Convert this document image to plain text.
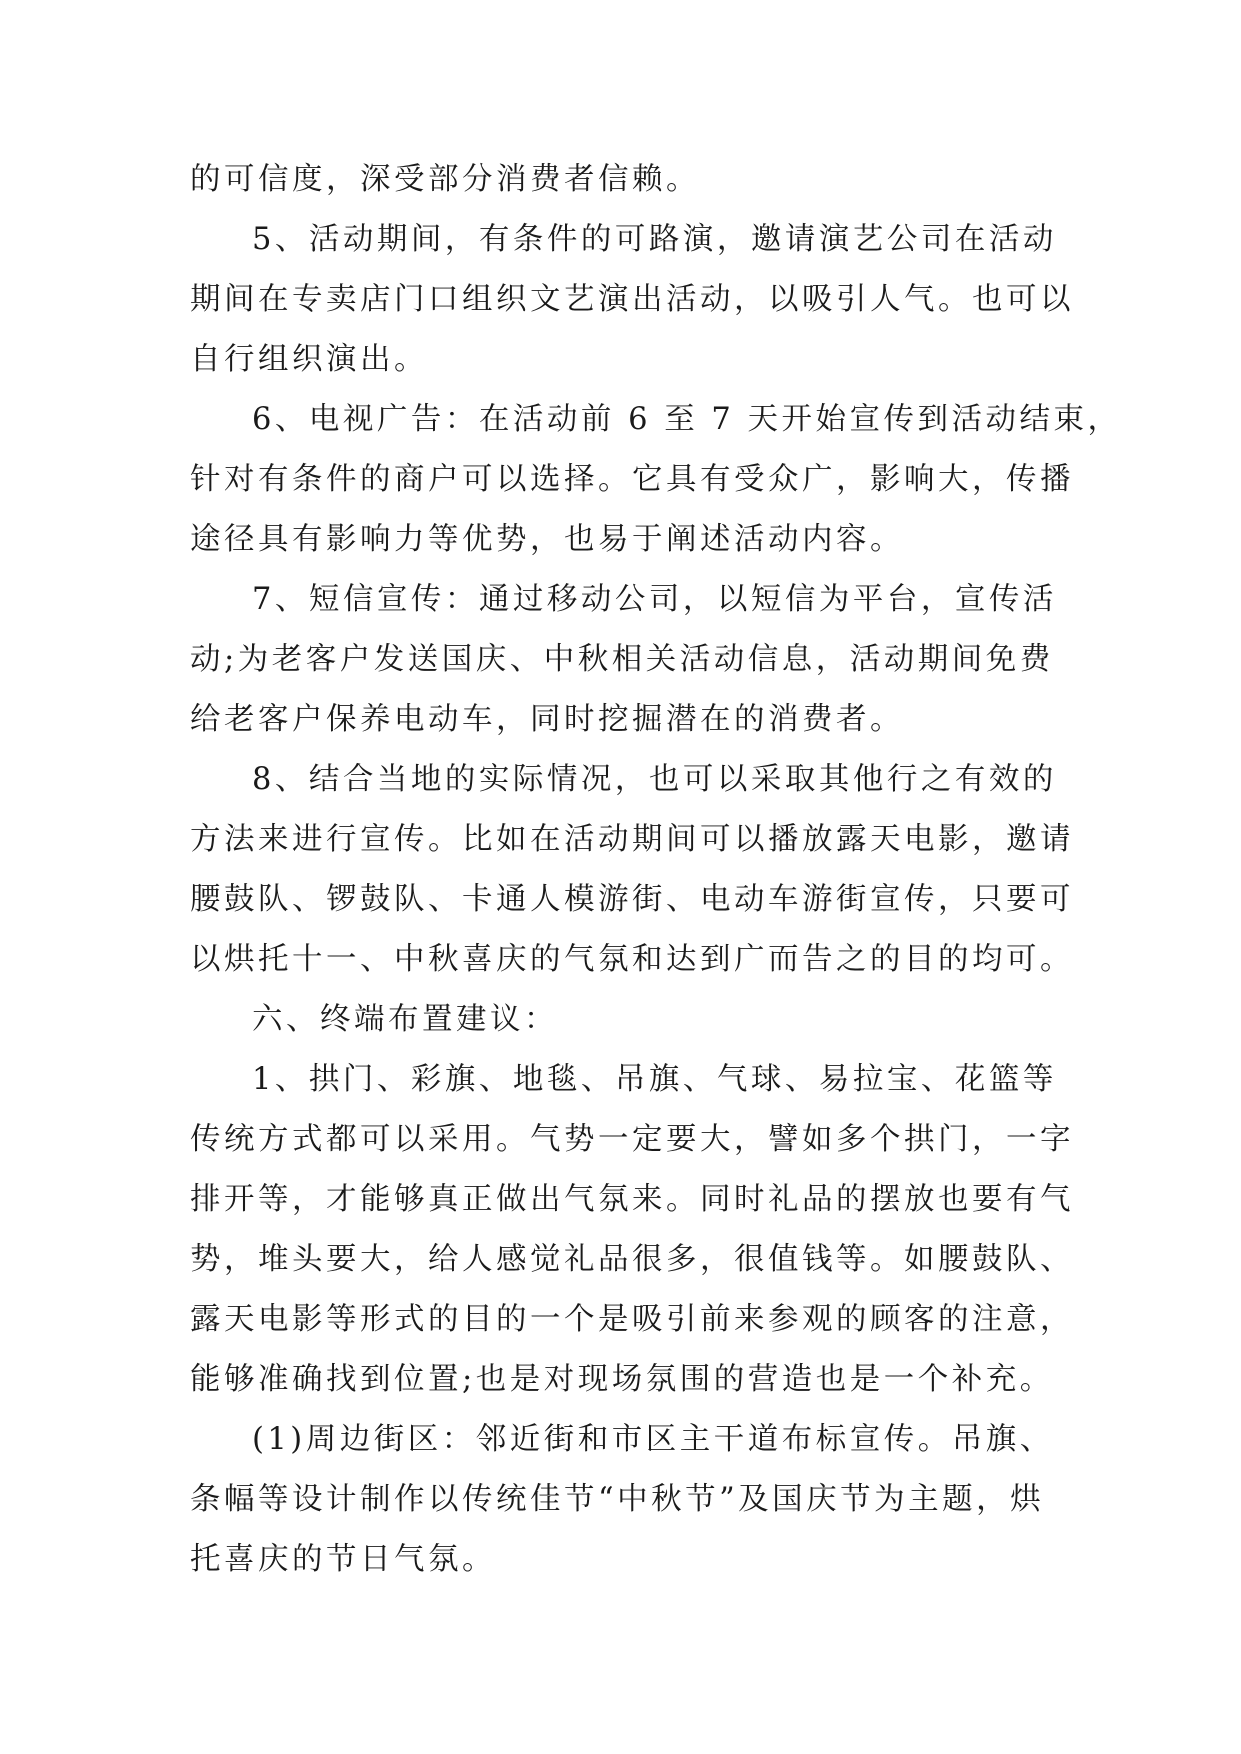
的可信度，深受部分消费者信赖。
5、活动期间，有条件的可路演，邀请演艺公司在活动
期间在专卖店门口组织文艺演出活动，以吸引人气。也可以
自行组织演出。
6、电视广告：在活动前 6 至 7 天开始宣传到活动结束，
针对有条件的商户可以选择。它具有受众广，影响大，传播
途径具有影响力等优势，也易于阐述活动内容。
7、短信宣传：通过移动公司，以短信为平台，宣传活
动;为老客户发送国庆、中秋相关活动信息，活动期间免费
给老客户保养电动车，同时挖掘潜在的消费者。
8、结合当地的实际情况，也可以采取其他行之有效的
方法来进行宣传。比如在活动期间可以播放露天电影，邀请
腰鼓队、锣鼓队、卡通人模游街、电动车游街宣传，只要可
以烘托十一、中秋喜庆的气氛和达到广而告之的目的均可。
六、终端布置建议：
1、拱门、彩旗、地毯、吊旗、气球、易拉宝、花篮等
传统方式都可以采用。气势一定要大，譬如多个拱门，一字
排开等，才能够真正做出气氛来。同时礼品的摆放也要有气
势，堆头要大，给人感觉礼品很多，很值钱等。如腰鼓队、
露天电影等形式的目的一个是吸引前来参观的顾客的注意，
能够准确找到位置;也是对现场氛围的营造也是一个补充。
(1)周边街区：邻近街和市区主干道布标宣传。吊旗、
条幅等设计制作以传统佳节“中秋节”及国庆节为主题，烘
托喜庆的节日气氛。
